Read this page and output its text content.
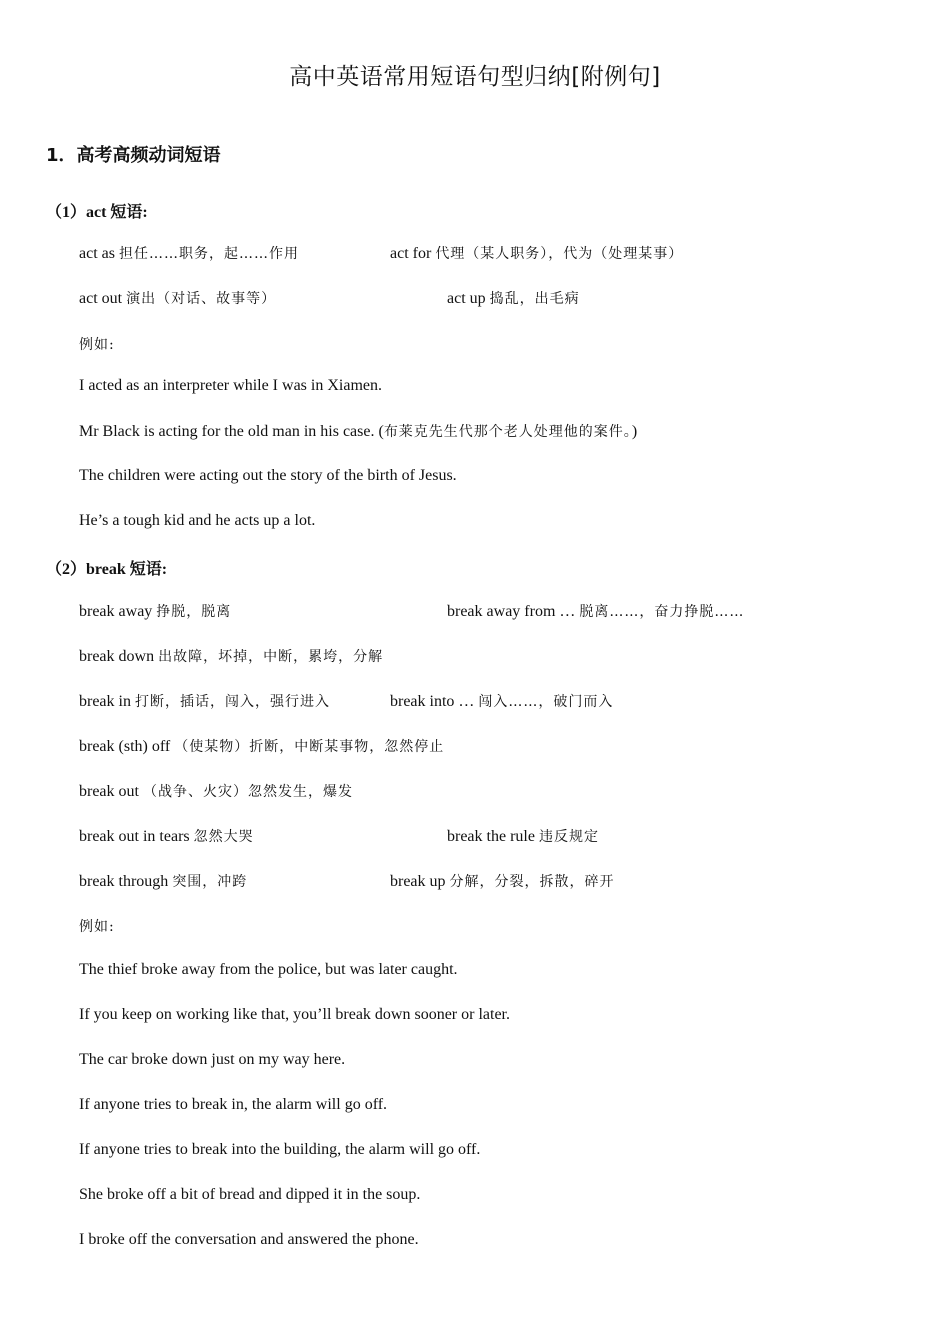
高中英语常用短语句型归纳[附例句]
1．高考高频动词短语
（1）act 短语:
act as 担任……职务，起……作用	act for 代理（某人职务），代为（处理某事）
act out 演出（对话、故事等）	act up 捣乱，出毛病
例如:
I acted as an interpreter while I was in Xiamen.
Mr Black is acting for the old man in his case. (布莱克先生代那个老人处理他的案件。)
The children were acting out the story of the birth of Jesus.
He’s a tough kid and he acts up a lot.
（2）break 短语:
break away 挣脱，脱离	break away from … 脱离……，奋力挣脱……
break down 出故障，坏掉，中断，累垮，分解
break in 打断，插话，闯入，强行进入	break into … 闯入……，破门而入
break (sth) off （使某物）折断，中断某事物，忽然停止
break out （战争、火灾）忽然发生，爆发
break out in tears 忽然大哭	break the rule 违反规定
break through 突围，冲跨	break up 分解，分裂，拆散，碎开
例如:
The thief broke away from the police, but was later caught.
If you keep on working like that, you’ll break down sooner or later.
The car broke down just on my way here.
If anyone tries to break in, the alarm will go off.
If anyone tries to break into the building, the alarm will go off.
She broke off a bit of bread and dipped it in the soup.
I broke off the conversation and answered the phone.
